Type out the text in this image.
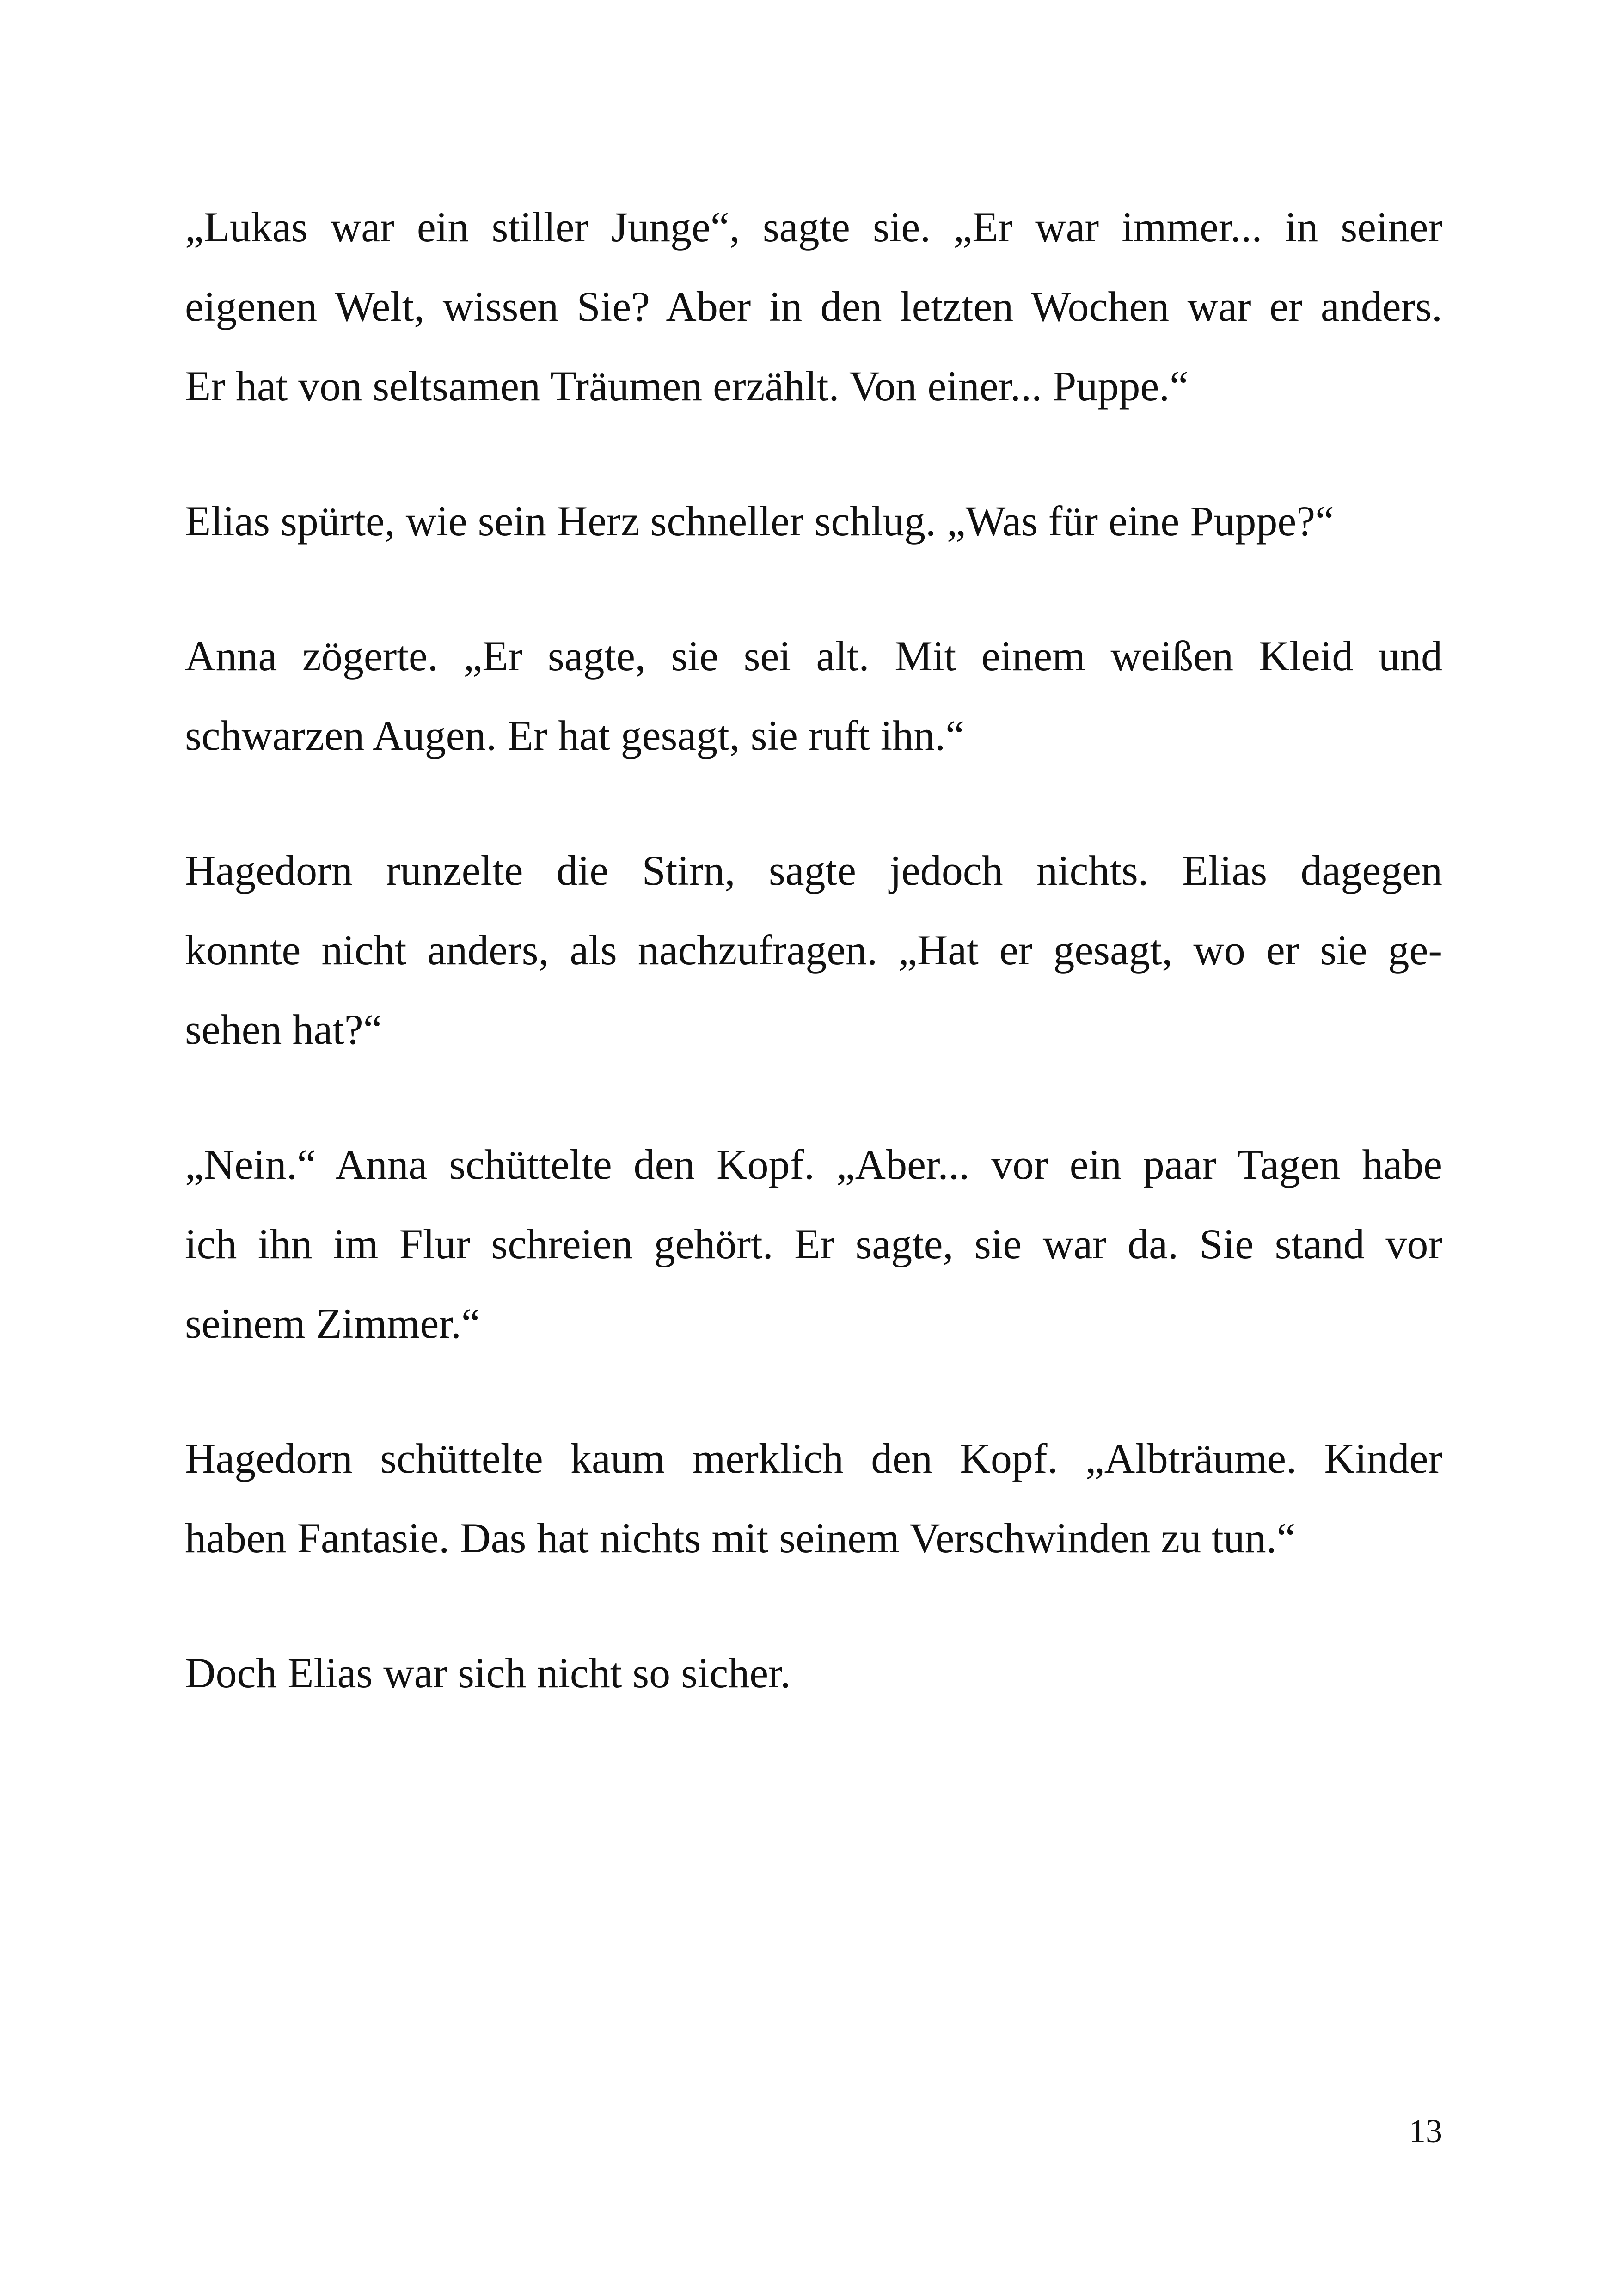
„Lukas war ein stiller Junge“, sagte sie. „Er war immer... in seiner
eigenen Welt, wissen Sie? Aber in den letzten Wochen war er anders.
Er hat von seltsamen Träumen erzählt. Von einer... Puppe.“

Elias spürte, wie sein Herz schneller schlug. „Was für eine Puppe?“

Anna zögerte. „Er sagte, sie sei alt. Mit einem weißen Kleid und
schwarzen Augen. Er hat gesagt, sie ruft ihn.“

Hagedorn runzelte die Stirn, sagte jedoch nichts. Elias dagegen
konnte nicht anders, als nachzufragen. „Hat er gesagt, wo er sie ge-
sehen hat?“

„Nein.“ Anna schüttelte den Kopf. „Aber... vor ein paar Tagen habe
ich ihn im Flur schreien gehört. Er sagte, sie war da. Sie stand vor
seinem Zimmer.“

Hagedorn schüttelte kaum merklich den Kopf. „Albträume. Kinder
haben Fantasie. Das hat nichts mit seinem Verschwinden zu tun.“

Doch Elias war sich nicht so sicher.

13
